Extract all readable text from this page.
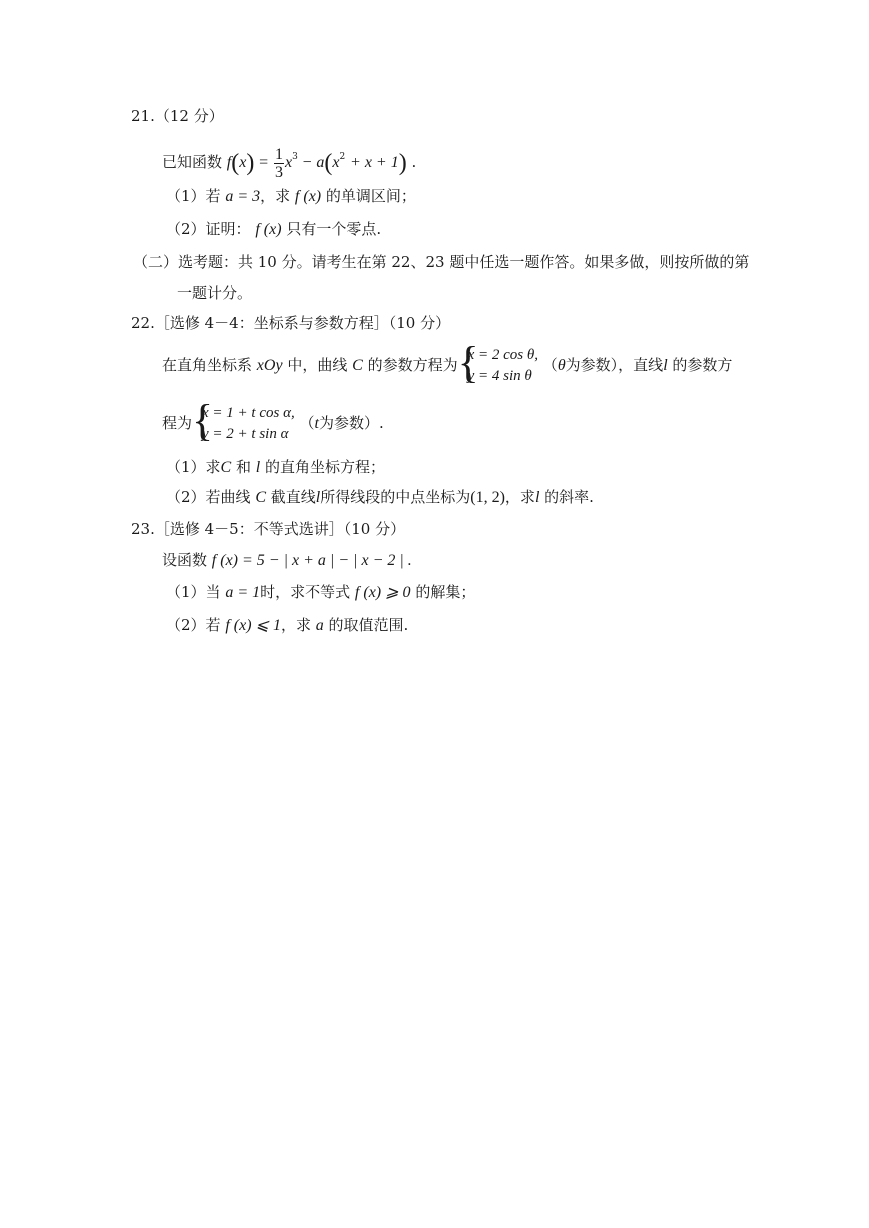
21.（12 分）
已知函数 $f(x) = \frac{1}{3} x^3 - a(x^2 + x + 1)$ .
（1）若 a = 3，求 f (x) 的单调区间；
（2）证明： f (x) 只有一个零点.
（二）选考题：共 10 分。请考生在第 22、23 题中任选一题作答。如果多做，则按所做的第
一题计分。
22.［选修 4－4：坐标系与参数方程］（10 分）
在直角坐标系 xOy 中，曲线 C 的参数方程为 {
x = 2 cos θ,
y = 4 sin θ
（θ为参数），直线l 的参数方
程为 {
x = 1 + t cos α,
y = 2 + t sin α
（t为参数）.
（1）求C 和 l 的直角坐标方程；
（2）若曲线 C 截直线l所得线段的中点坐标为(1, 2)，求l 的斜率.
23.［选修 4－5：不等式选讲］（10 分）
设函数 f (x) = 5 − | x + a | − | x − 2 | .
（1）当 a = 1时，求不等式 f (x) ⩾ 0 的解集；
（2）若 f (x) ⩽ 1，求 a 的取值范围.
